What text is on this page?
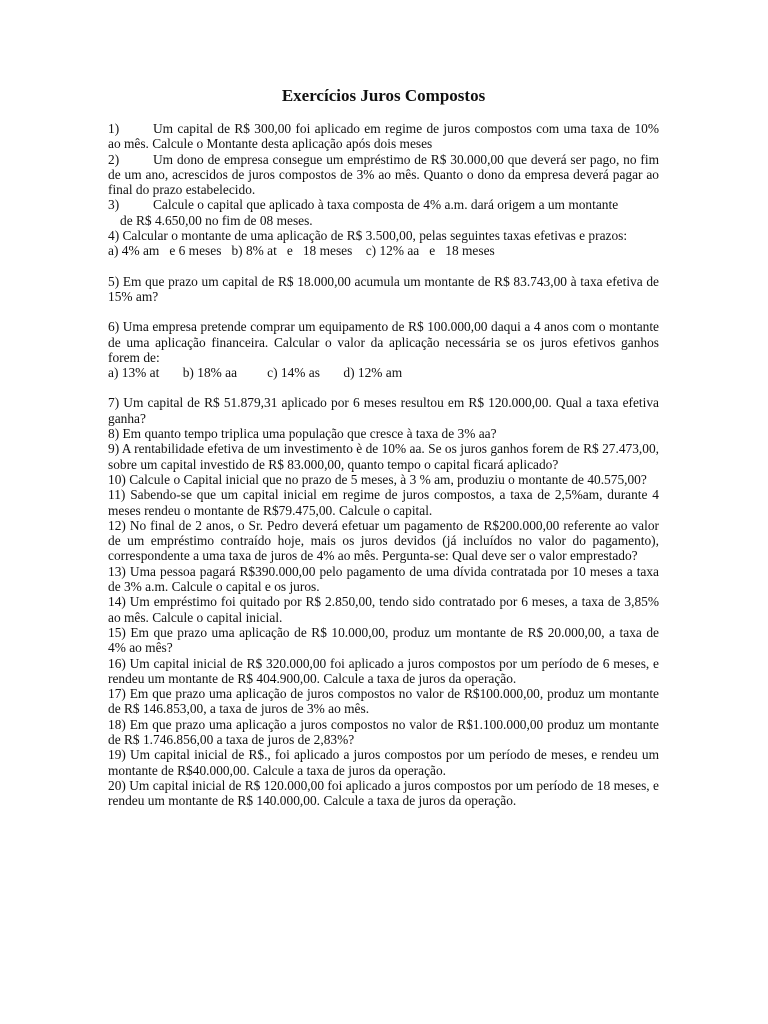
Exercícios Juros Compostos

1)	Um capital de R$ 300,00 foi aplicado em regime de juros compostos com uma taxa de 10% ao mês. Calcule o Montante desta aplicação após dois meses

2)	Um dono de empresa consegue um empréstimo de R$ 30.000,00 que deverá ser pago, no fim de um ano, acrescidos de juros compostos de 3% ao mês. Quanto o dono da empresa deverá pagar ao final do prazo estabelecido.

3)	Calcule o capital que aplicado à taxa composta de 4% a.m. dará origem a um montante

de R$ 4.650,00 no fim de 08 meses.

4) Calcular o montante de uma aplicação de R$ 3.500,00, pelas seguintes taxas efetivas e prazos:

a) 4% am   e 6 meses   b) 8% at   e   18 meses    c) 12% aa   e   18 meses

5) Em que prazo um capital de R$ 18.000,00 acumula um montante de R$ 83.743,00 à taxa efetiva de 15% am?

6) Uma empresa pretende comprar um equipamento de R$ 100.000,00 daqui a 4 anos com o montante de uma aplicação financeira. Calcular o valor da aplicação necessária se os juros efetivos ganhos forem de:

a) 13% at       b) 18% aa         c) 14% as       d) 12% am

7) Um capital de R$ 51.879,31 aplicado por 6 meses resultou em R$ 120.000,00. Qual a taxa efetiva ganha?

8) Em quanto tempo triplica uma população que cresce à taxa de 3% aa?

9) A rentabilidade efetiva de um investimento è de 10% aa. Se os juros ganhos forem de R$ 27.473,00, sobre um capital investido de R$ 83.000,00, quanto tempo o capital ficará aplicado?

10) Calcule o Capital inicial que no prazo de 5 meses, à 3 % am, produziu o montante de 40.575,00?

11) Sabendo-se que um capital inicial em regime de juros compostos, a taxa de 2,5%am, durante 4 meses rendeu o montante de R$79.475,00. Calcule o capital.

12) No final de 2 anos, o Sr. Pedro deverá efetuar um pagamento de R$200.000,00 referente ao valor de um empréstimo contraído hoje, mais os juros devidos (já incluídos no valor do pagamento), correspondente a uma taxa de juros de 4% ao mês. Pergunta-se: Qual deve ser o valor emprestado?

13) Uma pessoa pagará R$390.000,00 pelo pagamento de uma dívida contratada por 10 meses a taxa de 3% a.m. Calcule o capital e os juros.

14) Um empréstimo foi quitado por R$ 2.850,00, tendo sido contratado por 6 meses, a taxa de 3,85% ao mês. Calcule o capital inicial.

15) Em que prazo uma aplicação de R$ 10.000,00, produz um montante de R$ 20.000,00, a taxa de 4% ao mês?

16) Um capital inicial de R$ 320.000,00 foi aplicado a juros compostos por um período de 6 meses, e rendeu um montante de R$ 404.900,00. Calcule a taxa de juros da operação.

17) Em que prazo uma aplicação de juros compostos no valor de R$100.000,00, produz um montante de R$ 146.853,00, a taxa de juros de 3% ao mês.

18) Em que prazo uma aplicação a juros compostos no valor de R$1.100.000,00 produz um montante de R$ 1.746.856,00 a taxa de juros de 2,83%?

19) Um capital inicial de R$., foi aplicado a juros compostos por um período de meses, e rendeu um montante de R$40.000,00. Calcule a taxa de juros da operação.

20) Um capital inicial de R$ 120.000,00 foi aplicado a juros compostos por um período de 18 meses, e rendeu um montante de R$ 140.000,00. Calcule a taxa de juros da operação.
